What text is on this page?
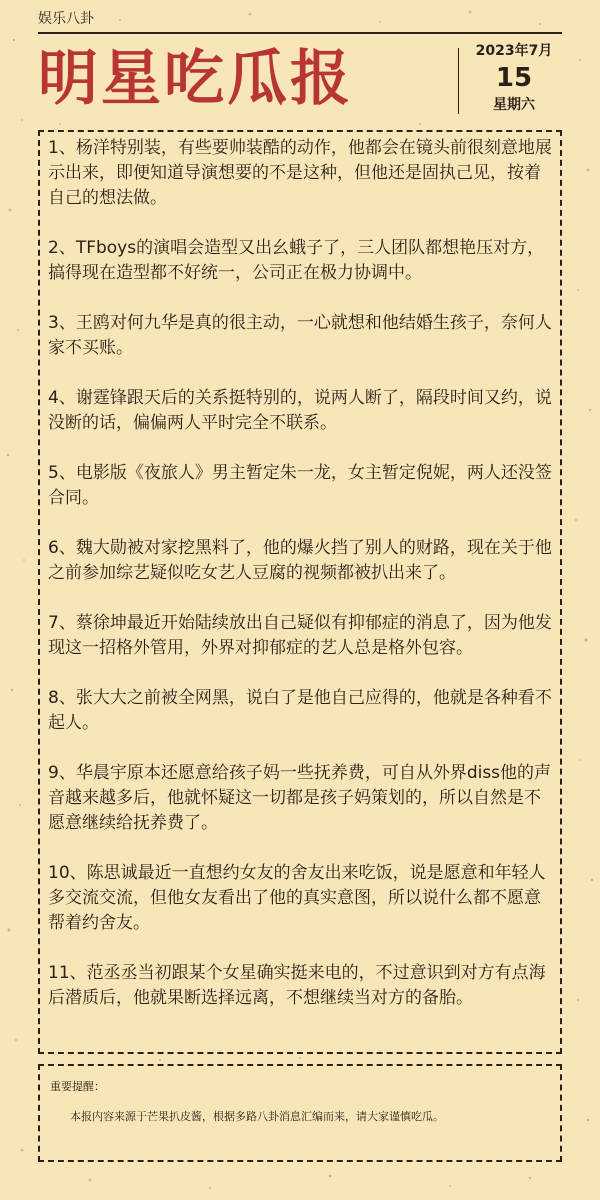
娱乐八卦
明星吃瓜报	2023年7月
15
星期六

1、杨洋特别装，有些要帅装酷的动作，他都会在镜头前很刻意地展示出来，即便知道导演想要的不是这种，但他还是固执己见，按着自己的想法做。

2、TFboys的演唱会造型又出幺蛾子了，三人团队都想艳压对方，搞得现在造型都不好统一，公司正在极力协调中。

3、王鸥对何九华是真的很主动，一心就想和他结婚生孩子，奈何人家不买账。

4、谢霆锋跟天后的关系挺特别的，说两人断了，隔段时间又约，说没断的话，偏偏两人平时完全不联系。

5、电影版《夜旅人》男主暂定朱一龙，女主暂定倪妮，两人还没签合同。

6、魏大勋被对家挖黑料了，他的爆火挡了别人的财路，现在关于他之前参加综艺疑似吃女艺人豆腐的视频都被扒出来了。

7、蔡徐坤最近开始陆续放出自己疑似有抑郁症的消息了，因为他发现这一招格外管用，外界对抑郁症的艺人总是格外包容。

8、张大大之前被全网黑，说白了是他自己应得的，他就是各种看不起人。

9、华晨宇原本还愿意给孩子妈一些抚养费，可自从外界diss他的声音越来越多后，他就怀疑这一切都是孩子妈策划的，所以自然是不愿意继续给抚养费了。

10、陈思诚最近一直想约女友的舍友出来吃饭，说是愿意和年轻人多交流交流，但他女友看出了他的真实意图，所以说什么都不愿意帮着约舍友。

11、范丞丞当初跟某个女星确实挺来电的，不过意识到对方有点海后潜质后，他就果断选择远离，不想继续当对方的备胎。

重要提醒：

本报内容来源于芒果扒皮酱，根据多路八卦消息汇编而来，请大家谨慎吃瓜。
